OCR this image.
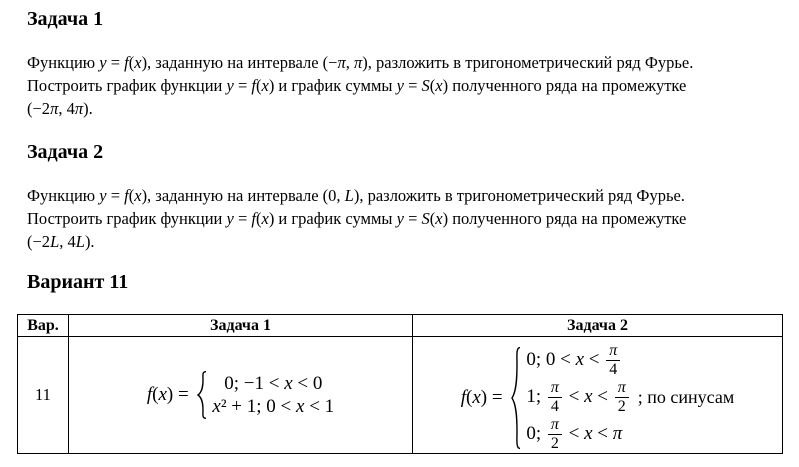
Задача 1
Функцию y = f(x), заданную на интервале (−π, π), разложить в тригонометрический ряд Фурье.
Построить график функции y = f(x) и график суммы y = S(x) полученного ряда на промежутке
(−2π, 4π).
Задача 2
Функцию y = f(x), заданную на интервале (0, L), разложить в тригонометрический ряд Фурье.
Построить график функции y = f(x) и график суммы y = S(x) полученного ряда на промежутке
(−2L, 4L).
Вариант 11
Вар.	Задача 1	Задача 2
11	f(x) =
0; −1 < x < 0
x² + 1; 0 < x < 1	f(x) =
0; $0 < x < \frac{\pi}{4}$
1; $\frac{\pi}{4} < x < \frac{\pi}{2}$
0; $\frac{\pi}{2} < x < \pi$
; по синусам
